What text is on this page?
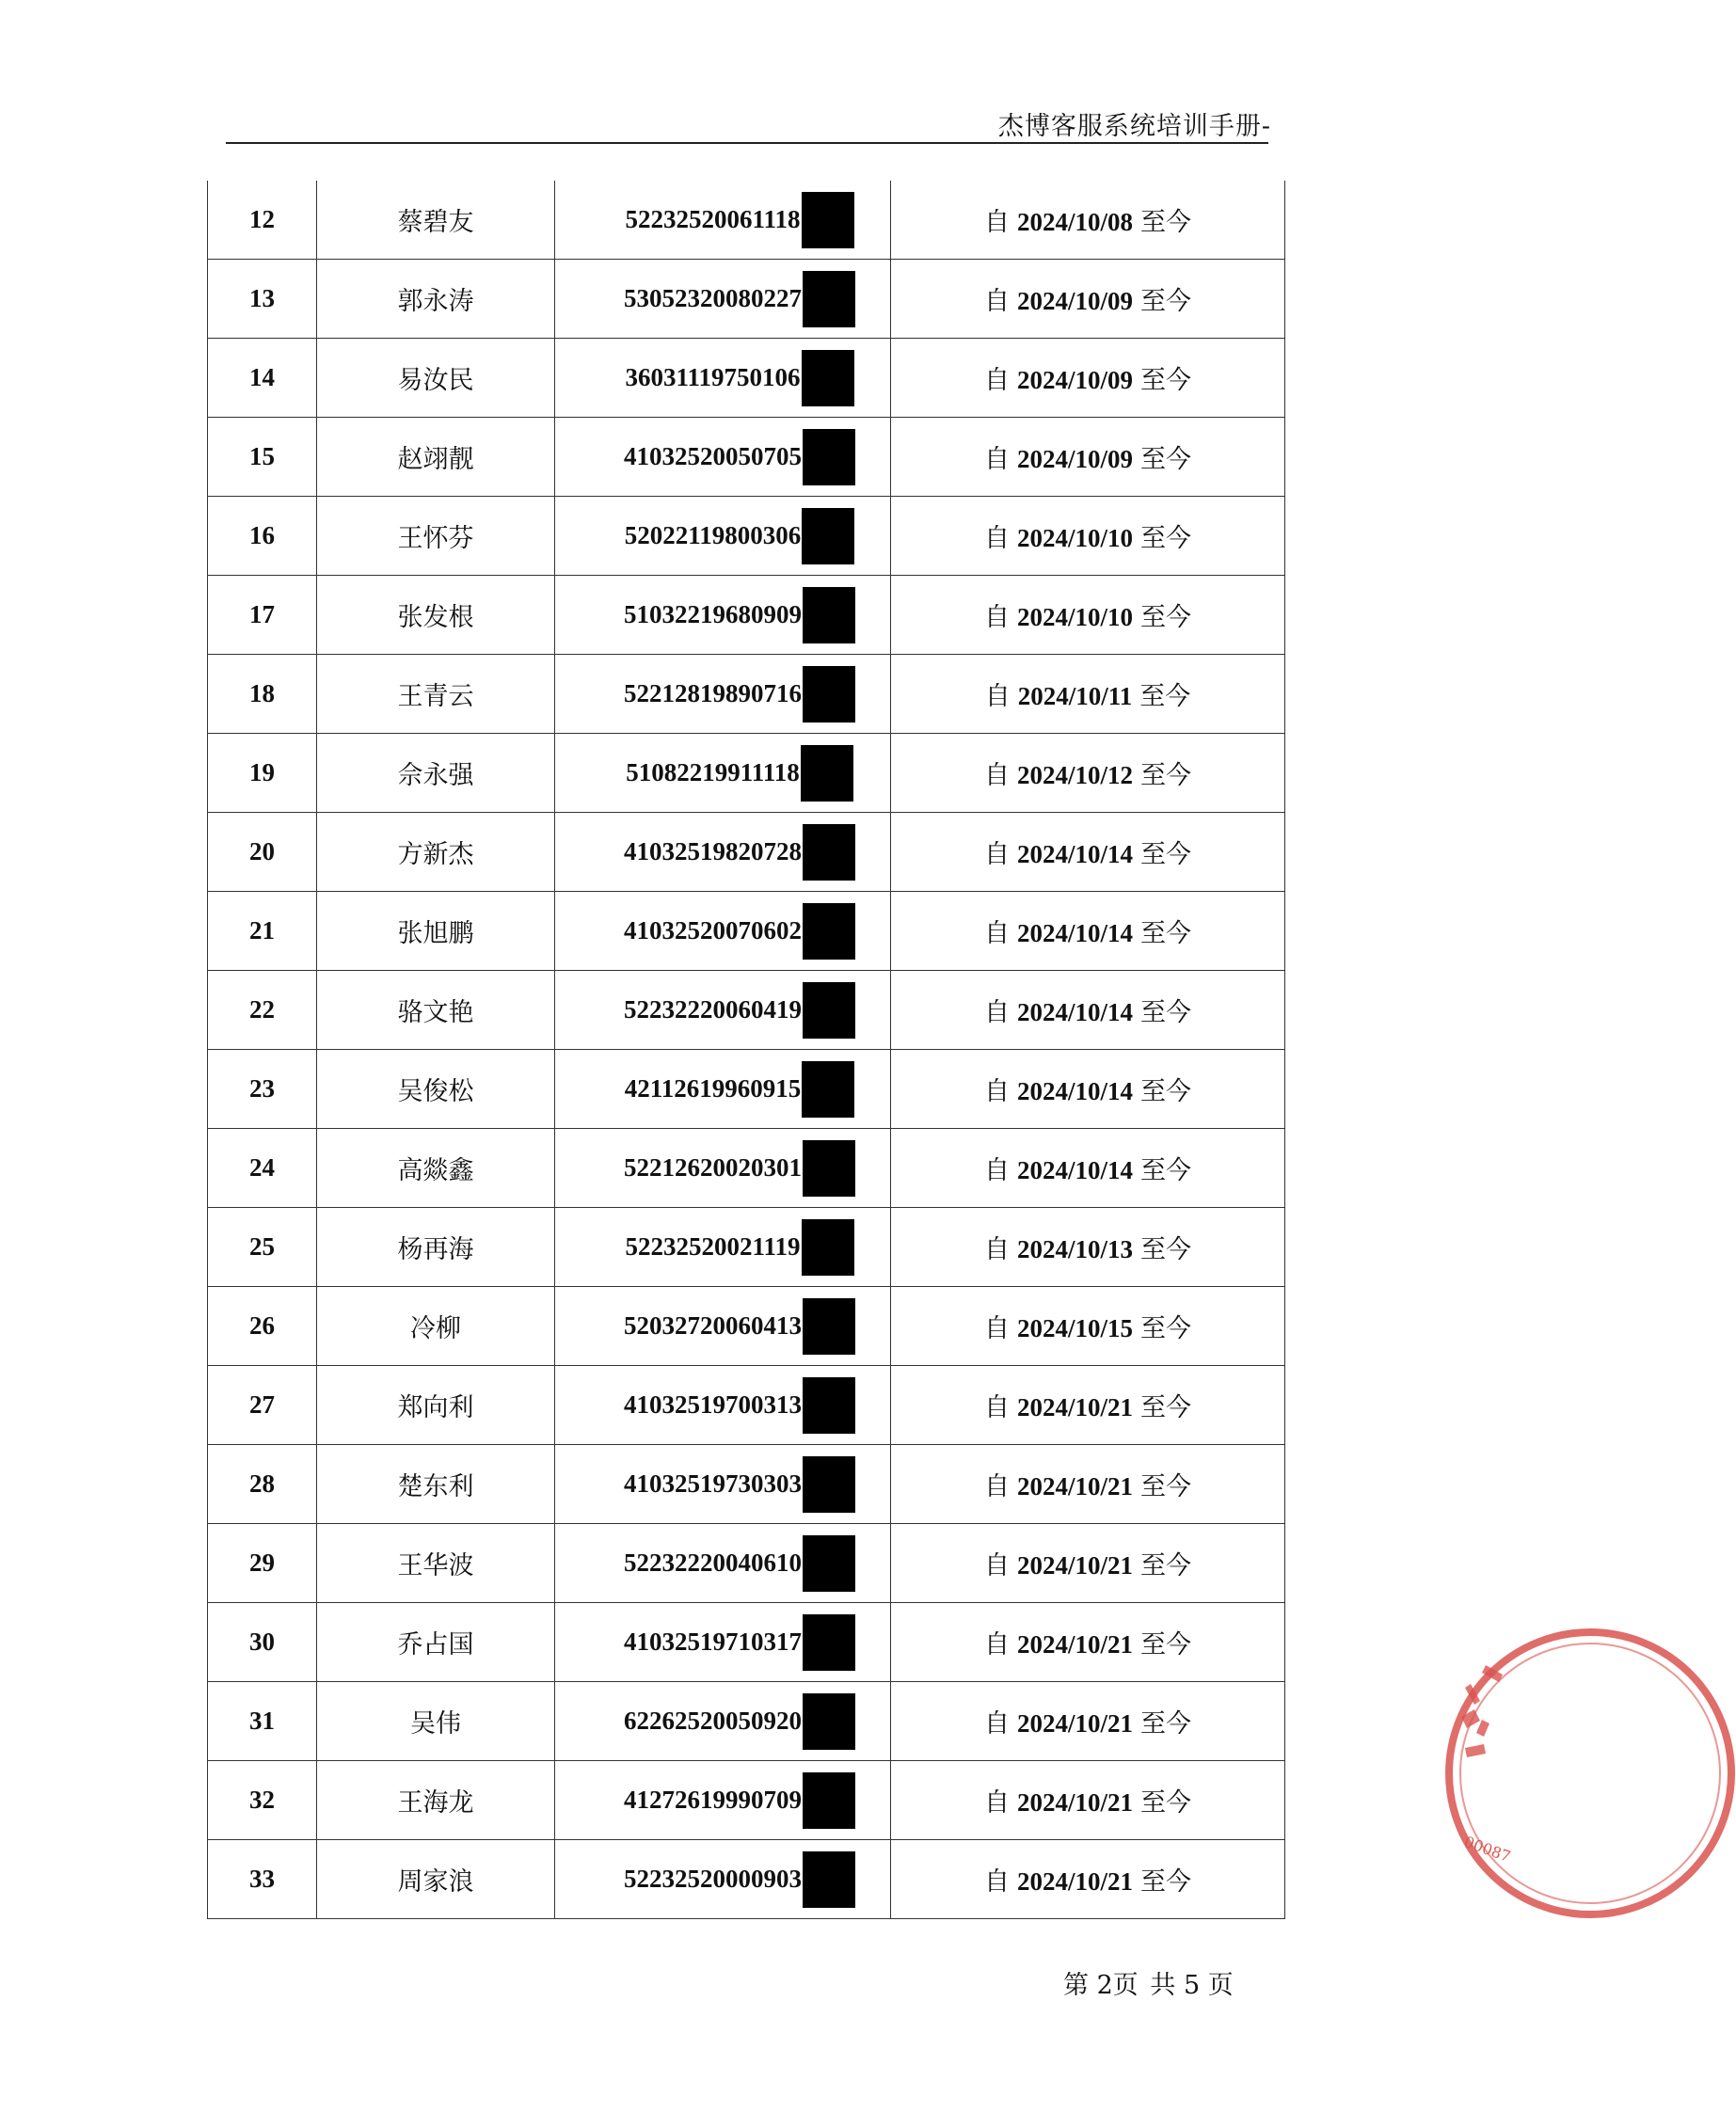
杰博客服系统培训手册-
12	蔡碧友	52232520061118	自 2024/10/08 至今
13	郭永涛	53052320080227	自 2024/10/09 至今
14	易汝民	36031119750106	自 2024/10/09 至今
15	赵翊靓	41032520050705	自 2024/10/09 至今
16	王怀芬	52022119800306	自 2024/10/10 至今
17	张发根	51032219680909	自 2024/10/10 至今
18	王青云	52212819890716	自 2024/10/11 至今
19	佘永强	51082219911118	自 2024/10/12 至今
20	方新杰	41032519820728	自 2024/10/14 至今
21	张旭鹏	41032520070602	自 2024/10/14 至今
22	骆文艳	52232220060419	自 2024/10/14 至今
23	吴俊松	42112619960915	自 2024/10/14 至今
24	高燚鑫	52212620020301	自 2024/10/14 至今
25	杨再海	52232520021119	自 2024/10/13 至今
26	冷柳	52032720060413	自 2024/10/15 至今
27	郑向利	41032519700313	自 2024/10/21 至今
28	楚东利	41032519730303	自 2024/10/21 至今
29	王华波	52232220040610	自 2024/10/21 至今
30	乔占国	41032519710317	自 2024/10/21 至今
31	吴伟	62262520050920	自 2024/10/21 至今
32	王海龙	41272619990709	自 2024/10/21 至今
33	周家浪	52232520000903	自 2024/10/21 至今
第 2页 共 5 页
00087
